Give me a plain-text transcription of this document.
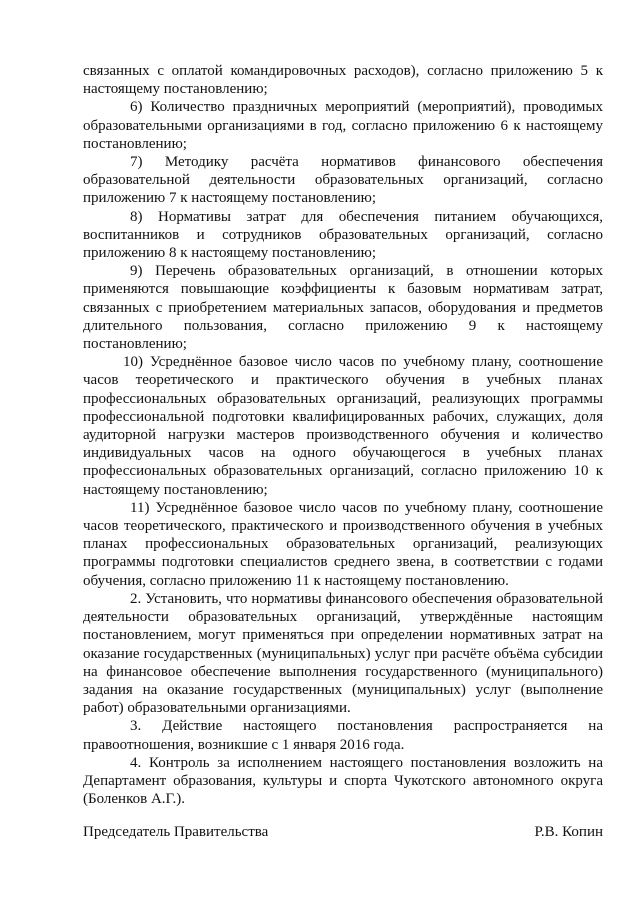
связанных с оплатой командировочных расходов), согласно приложению 5 к настоящему постановлению;

6) Количество праздничных мероприятий (мероприятий), проводимых образовательными организациями в год, согласно приложению 6 к настоящему постановлению;

7) Методику расчёта нормативов финансового обеспечения образовательной деятельности образовательных организаций, согласно приложению 7 к настоящему постановлению;

8) Нормативы затрат для обеспечения питанием обучающихся, воспитанников и сотрудников образовательных организаций, согласно приложению 8 к настоящему постановлению;

9) Перечень образовательных организаций, в отношении которых применяются повышающие коэффициенты к базовым нормативам затрат, связанных с приобретением материальных запасов, оборудования и предметов длительного пользования, согласно приложению 9 к настоящему постановлению;

10) Усреднённое базовое число часов по учебному плану, соотношение часов теоретического и практического обучения в учебных планах профессиональных образовательных организаций, реализующих программы профессиональной подготовки квалифицированных рабочих, служащих, доля аудиторной нагрузки мастеров производственного обучения и количество индивидуальных часов на одного обучающегося в учебных планах профессиональных образовательных организаций, согласно приложению 10 к настоящему постановлению;

11) Усреднённое базовое число часов по учебному плану, соотношение часов теоретического, практического и производственного обучения в учебных планах профессиональных образовательных организаций, реализующих программы подготовки специалистов среднего звена, в соответствии с годами обучения, согласно приложению 11 к настоящему постановлению.

2. Установить, что нормативы финансового обеспечения образовательной деятельности образовательных организаций, утверждённые настоящим постановлением, могут применяться при определении нормативных затрат на оказание государственных (муниципальных) услуг при расчёте объёма субсидии на финансовое обеспечение выполнения государственного (муниципального) задания на оказание государственных (муниципальных) услуг (выполнение работ) образовательными организациями.

3. Действие настоящего постановления распространяется на правоотношения, возникшие с 1 января 2016 года.

4. Контроль за исполнением настоящего постановления возложить на Департамент образования, культуры и спорта Чукотского автономного округа (Боленков А.Г.).

Председатель Правительства	Р.В. Копин
